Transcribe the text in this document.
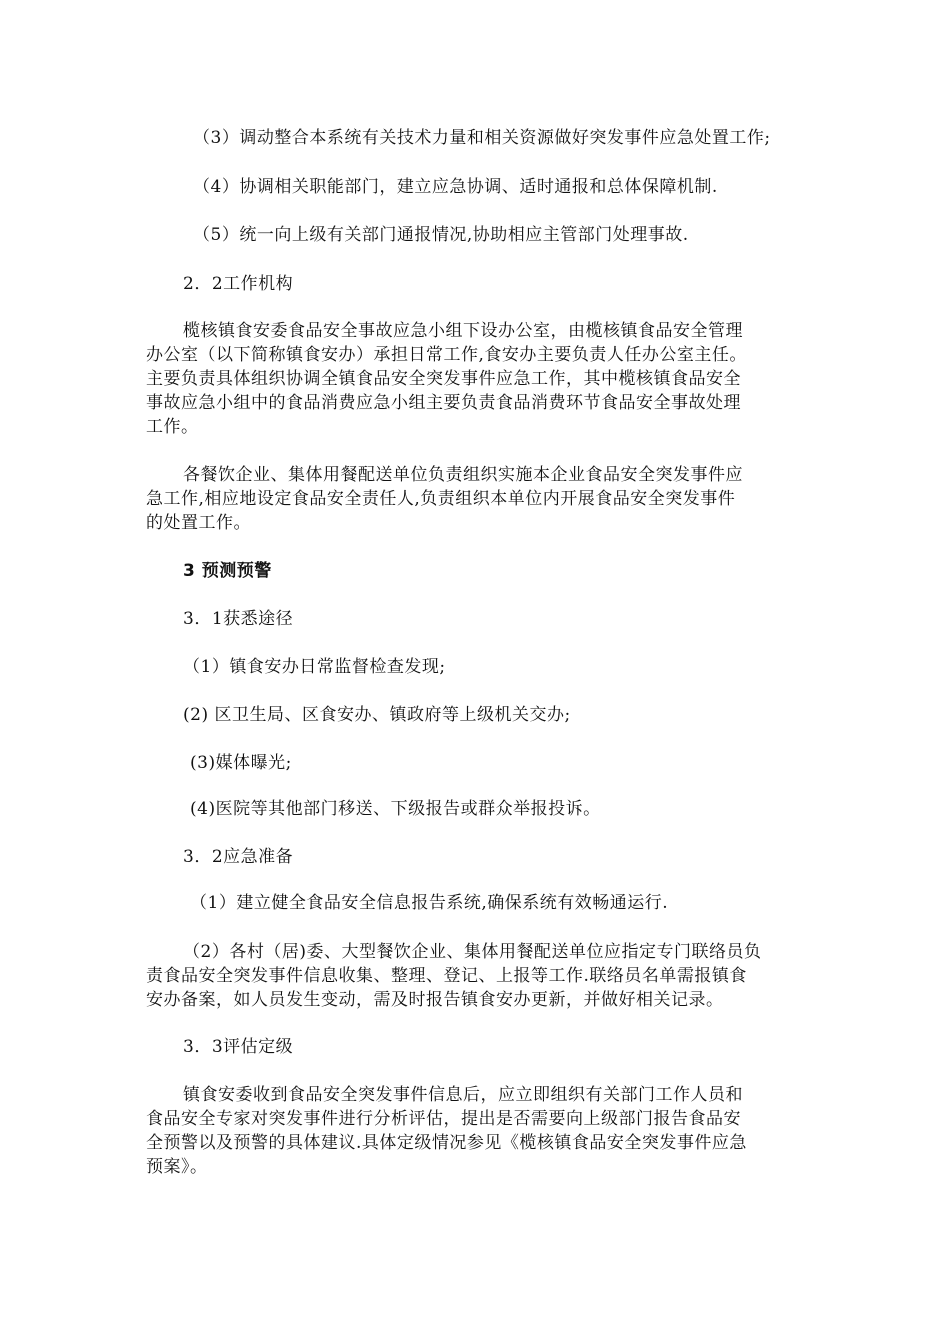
（3）调动整合本系统有关技术力量和相关资源做好突发事件应急处置工作;
（4）协调相关职能部门，建立应急协调、适时通报和总体保障机制.
（5）统一向上级有关部门通报情况,协助相应主管部门处理事故.
2．2工作机构
榄核镇食安委食品安全事故应急小组下设办公室，由榄核镇食品安全管理
办公室（以下简称镇食安办）承担日常工作,食安办主要负责人任办公室主任。
主要负责具体组织协调全镇食品安全突发事件应急工作，其中榄核镇食品安全
事故应急小组中的食品消费应急小组主要负责食品消费环节食品安全事故处理
工作。
各餐饮企业、集体用餐配送单位负责组织实施本企业食品安全突发事件应
急工作,相应地设定食品安全责任人,负责组织本单位内开展食品安全突发事件
的处置工作。
3 预测预警
3．1获悉途径
（1）镇食安办日常监督检查发现;
(2) 区卫生局、区食安办、镇政府等上级机关交办;
(3)媒体曝光;
(4)医院等其他部门移送、下级报告或群众举报投诉。
3．2应急准备
（1）建立健全食品安全信息报告系统,确保系统有效畅通运行.
（2）各村（居)委、大型餐饮企业、集体用餐配送单位应指定专门联络员负
责食品安全突发事件信息收集、整理、登记、上报等工作.联络员名单需报镇食
安办备案，如人员发生变动，需及时报告镇食安办更新，并做好相关记录。
3．3评估定级
镇食安委收到食品安全突发事件信息后，应立即组织有关部门工作人员和
食品安全专家对突发事件进行分析评估，提出是否需要向上级部门报告食品安
全预警以及预警的具体建议.具体定级情况参见《榄核镇食品安全突发事件应急
预案》。
